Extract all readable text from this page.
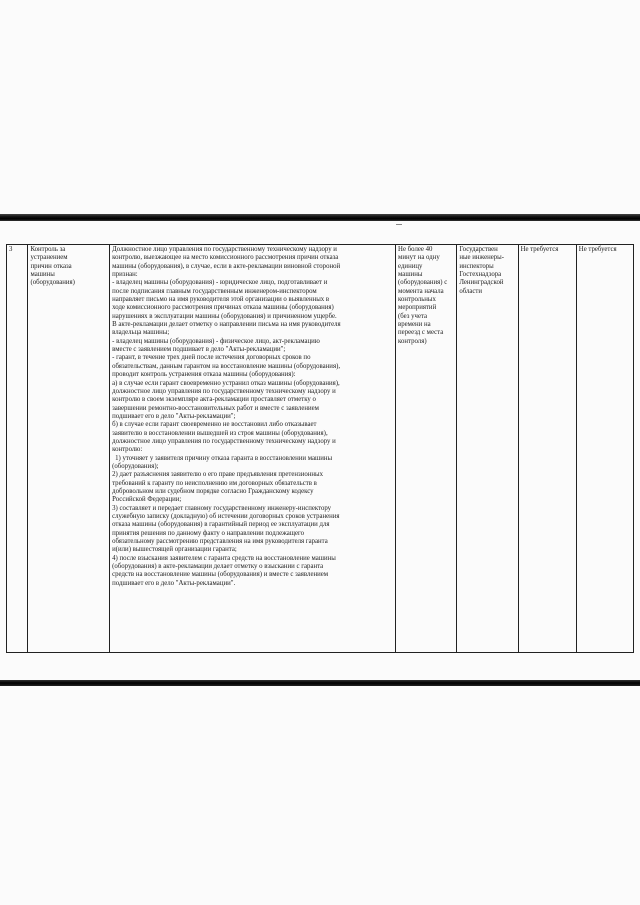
3	Контроль за
устранением
причин отказа
машины
(оборудования)

Должностное лицо управления по государственному техническому надзору и
контролю, выезжающее на место комиссионного рассмотрения причин отказа
машины (оборудования), в случае, если в акте-рекламации виновной стороной
признан:
- владелец машины (оборудования) - юридическое лицо, подготавливает и
после подписания главным государственным инженером-инспектором
направляет письмо на имя руководителя этой организации о выявленных в
ходе комиссионного рассмотрения причинах отказа машины (оборудования)
нарушениях в эксплуатации машины (оборудования) и причиненном ущербе.
В акте-рекламации делает отметку о направлении письма на имя руководителя
владельца машины;
- владелец машины (оборудования) - физическое лицо, акт-рекламацию
вместе с заявлением подшивает в дело "Акты-рекламации";
- гарант, в течение трех дней после истечения договорных сроков по
обязательствам, данным гарантом на восстановление машины (оборудования),
проводит контроль устранения отказа машины (оборудования):
а) в случае если гарант своевременно устранил отказ машины (оборудования),
должностное лицо управления по государственному техническому надзору и
контролю в своем экземпляре акта-рекламации проставляет отметку о
завершении ремонтно-восстановительных работ и вместе с заявлением
подшивает его в дело "Акты-рекламации";
б) в случае если гарант своевременно не восстановил либо отказывает
заявителю в восстановлении вышедшей из строя машины (оборудования),
должностное лицо управления по государственному техническому надзору и
контролю:
1) уточняет у заявителя причину отказа гаранта в восстановлении машины
(оборудования);
2) дает разъяснения заявителю о его праве предъявления претензионных
требований к гаранту по неисполнению им договорных обязательств в
добровольном или судебном порядке согласно Гражданскому кодексу
Российской Федерации;
3) составляет и передает главному государственному инженеру-инспектору
служебную записку (докладную) об истечении договорных сроков устранения
отказа машины (оборудования) в гарантийный период ее эксплуатации для
принятия решения по данному факту о направлении подлежащего
обязательному рассмотрению представления на имя руководителя гаранта
и(или) вышестоящей организации гаранта;
4) после взыскания заявителем с гаранта средств на восстановление машины
(оборудования) в акте-рекламации делает отметку о взыскании с гаранта
средств на восстановление машины (оборудования) и вместе с заявлением
подшивает его в дело "Акты-рекламации".

Не более 40
минут на одну
единицу
машины
(оборудования) с
момента начала
контрольных
мероприятий
(без учета
времени на
переезд с места
контроля)

Государствен
ные инженеры-
инспекторы
Гостехнадзора
Ленинградской
области
	Не требуется	Не требуется
